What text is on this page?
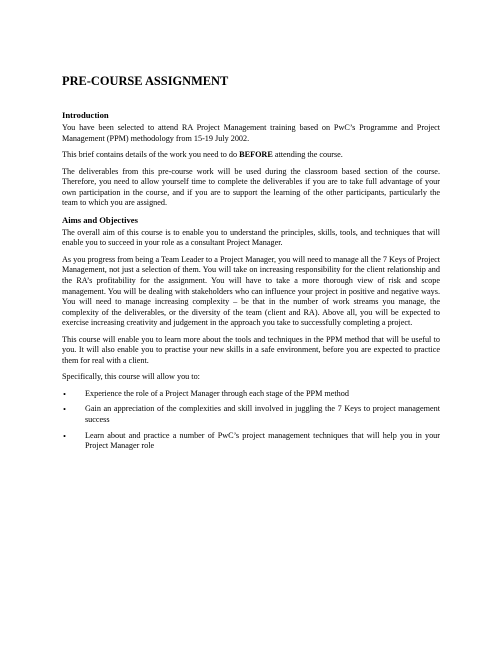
PRE-COURSE ASSIGNMENT

Introduction

You have been selected to attend RA Project Management training based on PwC’s Programme and Project Management (PPM) methodology from 15-19 July 2002.

This brief contains details of the work you need to do BEFORE attending the course.

The deliverables from this pre-course work will be used during the classroom based section of the course. Therefore, you need to allow yourself time to complete the deliverables if you are to take full advantage of your own participation in the course, and if you are to support the learning of the other participants, particularly the team to which you are assigned.

Aims and Objectives

The overall aim of this course is to enable you to understand the principles, skills, tools, and techniques that will enable you to succeed in your role as a consultant Project Manager.

As you progress from being a Team Leader to a Project Manager, you will need to manage all the 7 Keys of Project Management, not just a selection of them. You will take on increasing responsibility for the client relationship and the RA’s profitability for the assignment. You will have to take a more thorough view of risk and scope management. You will be dealing with stakeholders who can influence your project in positive and negative ways. You will need to manage increasing complexity – be that in the number of work streams you manage, the complexity of the deliverables, or the diversity of the team (client and RA). Above all, you will be expected to exercise increasing creativity and judgement in the approach you take to successfully completing a project.

This course will enable you to learn more about the tools and techniques in the PPM method that will be useful to you. It will also enable you to practise your new skills in a safe environment, before you are expected to practice them for real with a client.

Specifically, this course will allow you to:

• Experience the role of a Project Manager through each stage of the PPM method
• Gain an appreciation of the complexities and skill involved in juggling the 7 Keys to project management success
• Learn about and practice a number of PwC’s project management techniques that will help you in your Project Manager role
